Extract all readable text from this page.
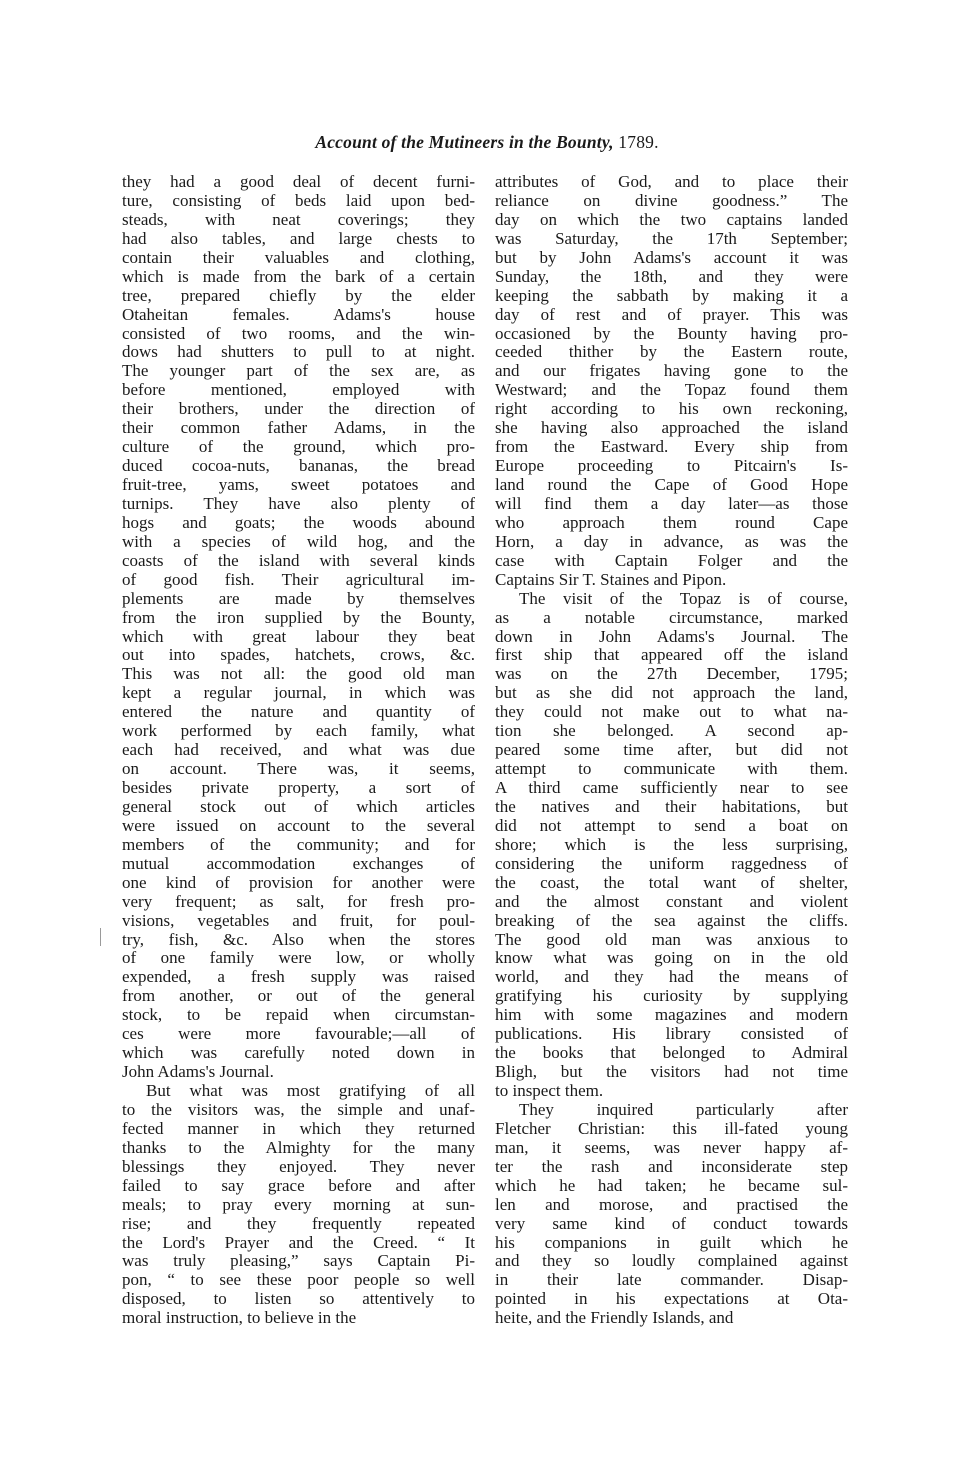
Account of the Mutineers in the Bounty, 1789.
they had a good deal of decent furni-
ture, consisting of beds laid upon bed-
steads, with neat coverings; they
had also tables, and large chests to
contain their valuables and clothing,
which is made from the bark of a certain
tree, prepared chiefly by the elder
Otaheitan females. Adams's house
consisted of two rooms, and the win-
dows had shutters to pull to at night.
The younger part of the sex are, as
before mentioned, employed with
their brothers, under the direction of
their common father Adams, in the
culture of the ground, which pro-
duced cocoa-nuts, bananas, the bread
fruit-tree, yams, sweet potatoes and
turnips. They have also plenty of
hogs and goats; the woods abound
with a species of wild hog, and the
coasts of the island with several kinds
of good fish. Their agricultural im-
plements are made by themselves
from the iron supplied by the Bounty,
which with great labour they beat
out into spades, hatchets, crows, &c.
This was not all: the good old man
kept a regular journal, in which was
entered the nature and quantity of
work performed by each family, what
each had received, and what was due
on account. There was, it seems,
besides private property, a sort of
general stock out of which articles
were issued on account to the several
members of the community; and for
mutual accommodation exchanges of
one kind of provision for another were
very frequent; as salt, for fresh pro-
visions, vegetables and fruit, for poul-
try, fish, &c. Also when the stores
of one family were low, or wholly
expended, a fresh supply was raised
from another, or out of the general
stock, to be repaid when circumstan-
ces were more favourable;—all of
which was carefully noted down in
John Adams's Journal.
But what was most gratifying of all
to the visitors was, the simple and unaf-
fected manner in which they returned
thanks to the Almighty for the many
blessings they enjoyed. They never
failed to say grace before and after
meals; to pray every morning at sun-
rise; and they frequently repeated
the Lord's Prayer and the Creed. “ It
was truly pleasing,” says Captain Pi-
pon, “ to see these poor people so well
disposed, to listen so attentively to
moral instruction, to believe in the
attributes of God, and to place their
reliance on divine goodness.” The
day on which the two captains landed
was Saturday, the 17th September;
but by John Adams's account it was
Sunday, the 18th, and they were
keeping the sabbath by making it a
day of rest and of prayer. This was
occasioned by the Bounty having pro-
ceeded thither by the Eastern route,
and our frigates having gone to the
Westward; and the Topaz found them
right according to his own reckoning,
she having also approached the island
from the Eastward. Every ship from
Europe proceeding to Pitcairn's Is-
land round the Cape of Good Hope
will find them a day later—as those
who approach them round Cape
Horn, a day in advance, as was the
case with Captain Folger and the
Captains Sir T. Staines and Pipon.
The visit of the Topaz is of course,
as a notable circumstance, marked
down in John Adams's Journal. The
first ship that appeared off the island
was on the 27th December, 1795;
but as she did not approach the land,
they could not make out to what na-
tion she belonged. A second ap-
peared some time after, but did not
attempt to communicate with them.
A third came sufficiently near to see
the natives and their habitations, but
did not attempt to send a boat on
shore; which is the less surprising,
considering the uniform raggedness of
the coast, the total want of shelter,
and the almost constant and violent
breaking of the sea against the cliffs.
The good old man was anxious to
know what was going on in the old
world, and they had the means of
gratifying his curiosity by supplying
him with some magazines and modern
publications. His library consisted of
the books that belonged to Admiral
Bligh, but the visitors had not time
to inspect them.
They inquired particularly after
Fletcher Christian: this ill-fated young
man, it seems, was never happy af-
ter the rash and inconsiderate step
which he had taken; he became sul-
len and morose, and practised the
very same kind of conduct towards
his companions in guilt which he
and they so loudly complained against
in their late commander. Disap-
pointed in his expectations at Ota-
heite, and the Friendly Islands, and
